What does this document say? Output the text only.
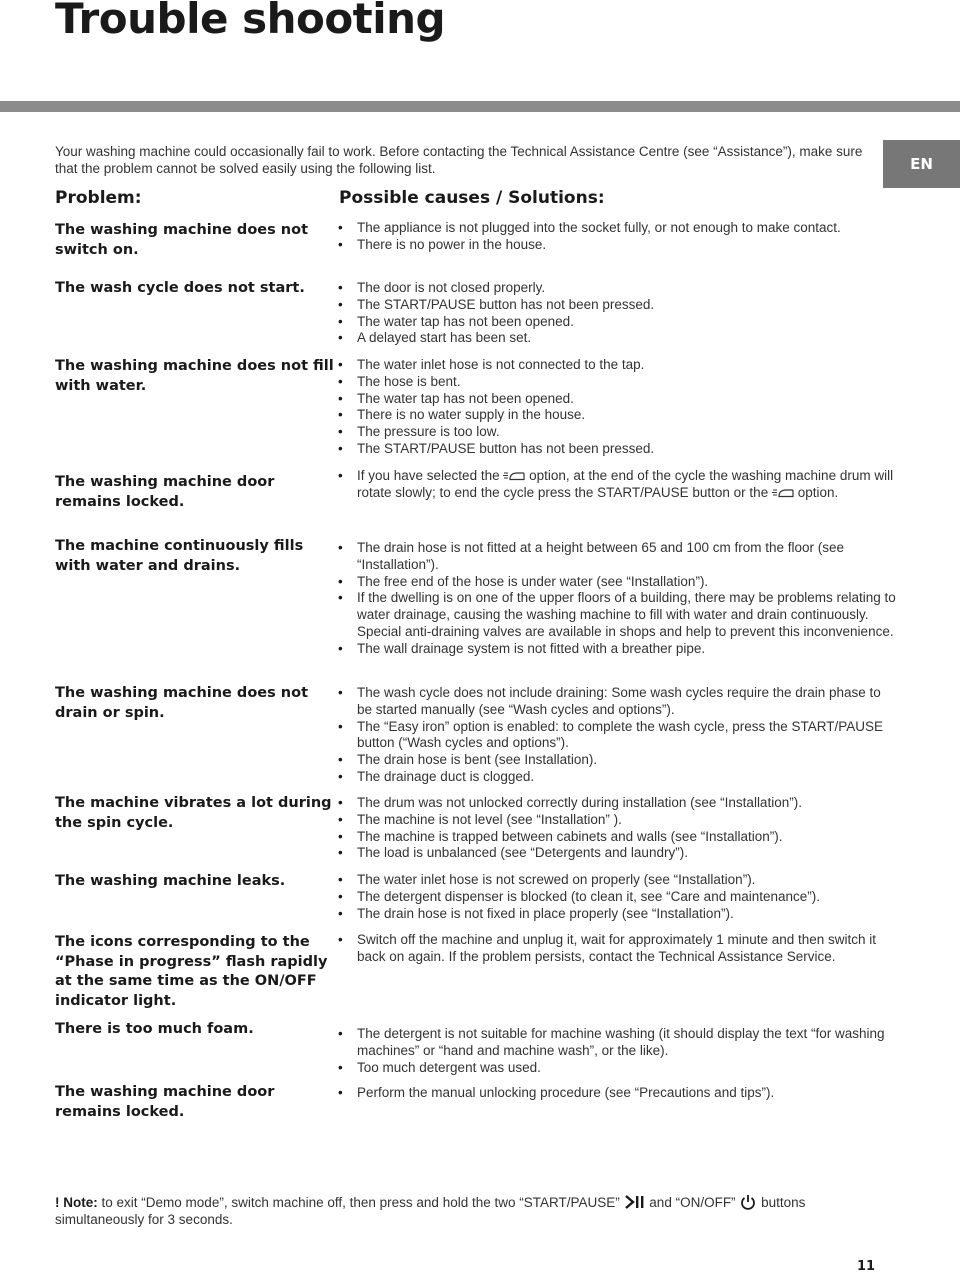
Trouble shooting
EN

Your washing machine could occasionally fail to work. Before contacting the Technical Assistance Centre (see “Assistance”), make sure that the problem cannot be solved easily using the following list.

Problem:	Possible causes / Solutions:
The washing machine does not switch on.
• The appliance is not plugged into the socket fully, or not enough to make contact.
• There is no power in the house.
The wash cycle does not start.	• The door is not closed properly.
• The START/PAUSE button has not been pressed.
• The water tap has not been opened.
• A delayed start has been set.
The washing machine does not fill with water.
• The water inlet hose is not connected to the tap.
• The hose is bent.
• The water tap has not been opened.
• There is no water supply in the house.
• The pressure is too low.
• The START/PAUSE button has not been pressed.
The washing machine door remains locked.
• If you have selected the option, at the end of the cycle the washing machine drum will rotate slowly; to end the cycle press the START/PAUSE button or the option.
The machine continuously fills with water and drains.
• The drain hose is not fitted at a height between 65 and 100 cm from the floor (see “Installation”).
• The free end of the hose is under water (see “Installation”).
• If the dwelling is on one of the upper floors of a building, there may be problems relating to water drainage, causing the washing machine to fill with water and drain continuously. Special anti-draining valves are available in shops and help to prevent this inconvenience.
• The wall drainage system is not fitted with a breather pipe.
The washing machine does not drain or spin.
• The wash cycle does not include draining: Some wash cycles require the drain phase to be started manually (see “Wash cycles and options”).
• The “Easy iron” option is enabled: to complete the wash cycle, press the START/PAUSE button (“Wash cycles and options”).
• The drain hose is bent (see Installation).
• The drainage duct is clogged.
The machine vibrates a lot during the spin cycle.
• The drum was not unlocked correctly during installation (see “Installation”).
• The machine is not level (see “Installation” ).
• The machine is trapped between cabinets and walls (see “Installation”).
• The load is unbalanced (see “Detergents and laundry”).
The washing machine leaks.	• The water inlet hose is not screwed on properly (see “Installation”).
• The detergent dispenser is blocked (to clean it, see “Care and maintenance”).
• The drain hose is not fixed in place properly (see “Installation”).
The icons corresponding to the “Phase in progress” flash rapidly at the same time as the ON/OFF indicator light.
• Switch off the machine and unplug it, wait for approximately 1 minute and then switch it back on again. If the problem persists, contact the Technical Assistance Service.
There is too much foam.	• The detergent is not suitable for machine washing (it should display the text “for washing machines” or “hand and machine wash”, or the like).
• Too much detergent was used.
The washing machine door remains locked.
• Perform the manual unlocking procedure (see “Precautions and tips”).
! Note: to exit “Demo mode”, switch machine off, then press and hold the two “START/PAUSE” and “ON/OFF” buttons simultaneously for 3 seconds.
11
